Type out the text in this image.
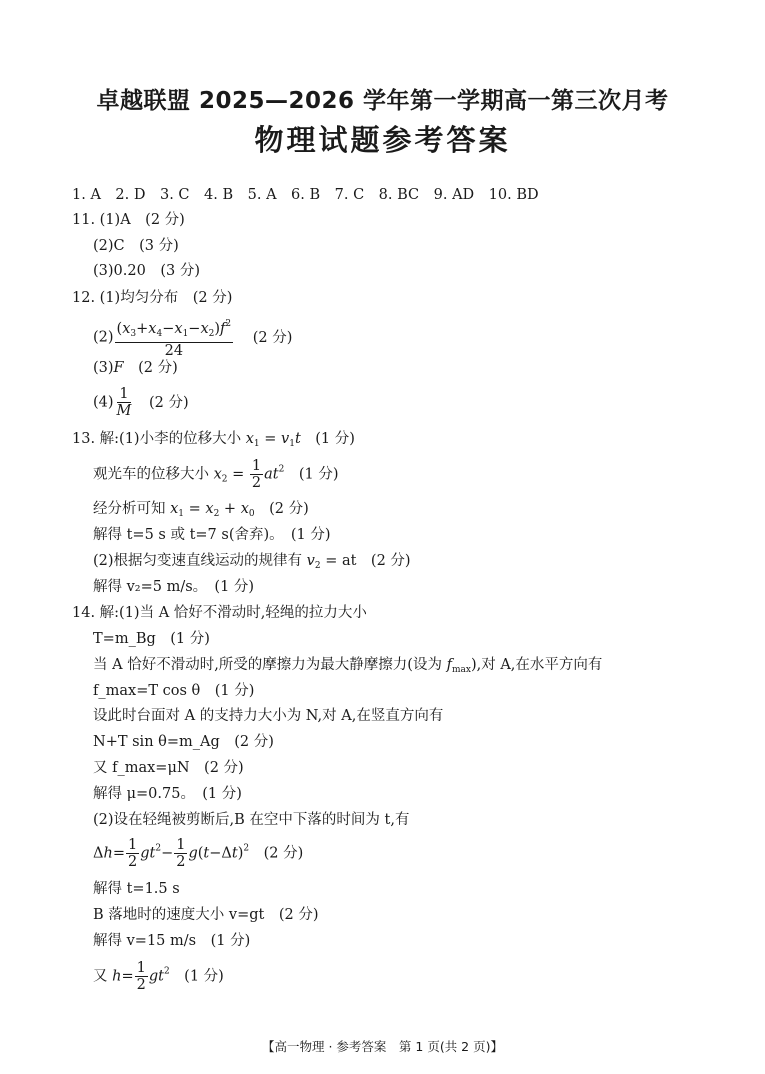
卓越联盟 2025—2026 学年第一学期高一第三次月考
物理试题参考答案
1. A　2. D　3. C　4. B　5. A　6. B　7. C　8. BC　9. AD　10. BD
11. (1)A　(2 分)
(2)C　(3 分)
(3)0.20　(3 分)
12. (1)均匀分布　(2 分)
$(2) \frac{(x_3+x_4-x_1-x_2)f^2}{24} (2$ 分)
(3)F　 (2 分)
$(4) \frac{1}{M} (2$ 分)
13. 解:(1)小李的位移大小 $x_1 = v_1t$　(1 分)
观光车的位移大小 $x_2 = \frac{1}{2} at^2$　(1 分)
经分析可知 $x_1 = x_2 + x_0$　(2 分)
解得 t=5 s 或 t=7 s(舍弃)。　(1 分)
(2)根据匀变速直线运动的规律有 $v_2$ = at　(2 分)
解得 v₂=5 m/s。　(1 分)
14. 解:(1)当 A 恰好不滑动时,轻绳的拉力大小
T=m_Bg　(1 分)
当 A 恰好不滑动时,所受的摩擦力为最大静摩擦力(设为 $f_{max}$),对 A,在水平方向有
f_max=T cos θ　(1 分)
设此时台面对 A 的支持力大小为 N,对 A,在竖直方向有
N+T sin θ=m_Ag　(2 分)
又 f_max=μN　(2 分)
解得 μ=0.75。　(1 分)
(2)设在轻绳被剪断后,B 在空中下落的时间为 t,有
$\Delta h= \frac{1}{2} gt^2- \frac{1}{2} g(t-\Delta t)^2$　(2 分)
解得 t=1.5 s
B 落地时的速度大小 v=gt　(2 分)
解得 v=15 m/s　(1 分)
又 $h= \frac{1}{2} gt^2$　(1 分)
【高一物理 · 参考答案　第 1 页(共 2 页)】
